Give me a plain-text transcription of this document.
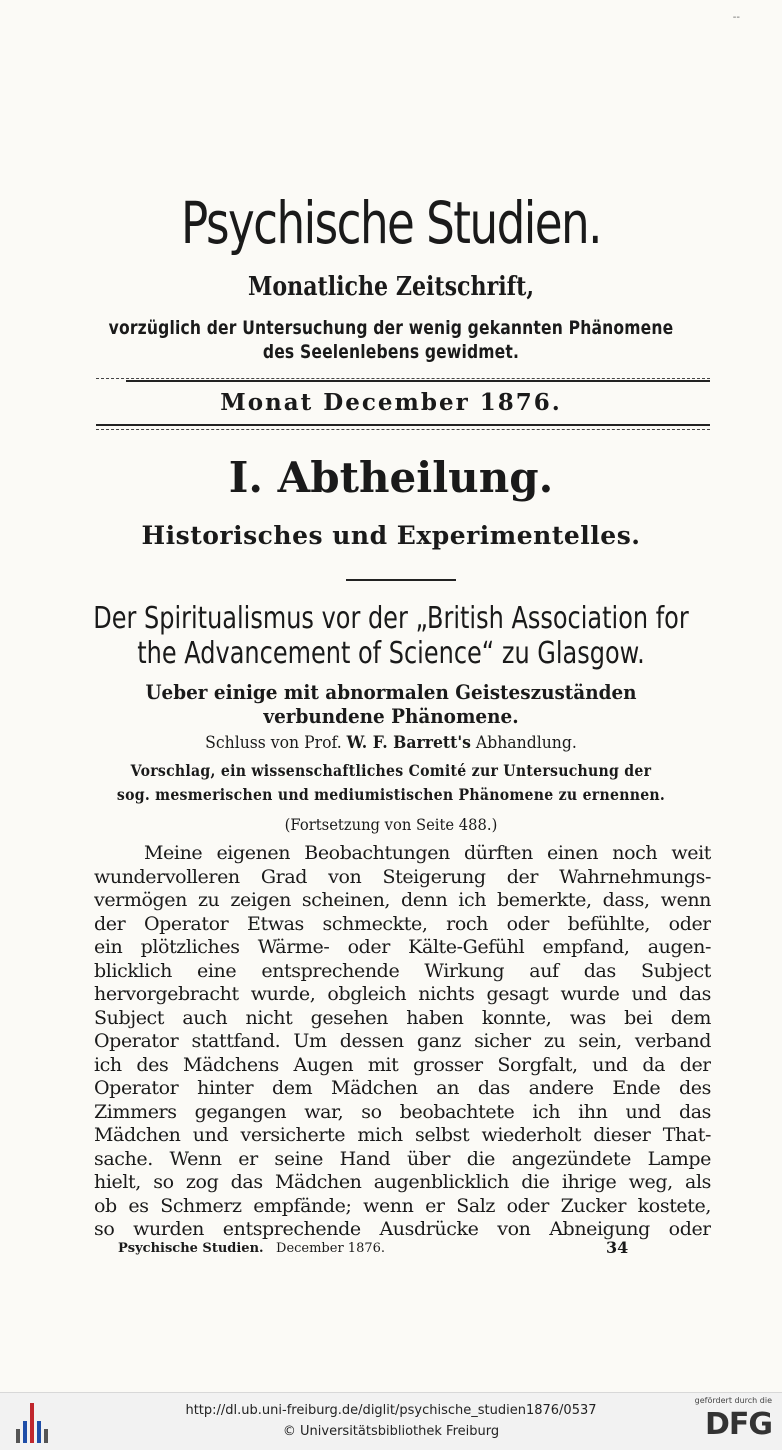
--
Psychische Studien.
Monatliche Zeitschrift,
vorzüglich der Untersuchung der wenig gekannten Phänomene
des Seelenlebens gewidmet.
Monat December 1876.
I. Abtheilung.
Historisches und Experimentelles.
Der Spiritualismus vor der „British Association for
the Advancement of Science“ zu Glasgow.
Ueber einige mit abnormalen Geisteszuständen
verbundene Phänomene.
Schluss von Prof. W. F. Barrett's Abhandlung.
Vorschlag, ein wissenschaftliches Comité zur Untersuchung der
sog. mesmerischen und mediumistischen Phänomene zu ernennen.
(Fortsetzung von Seite 488.)
Meine eigenen Beobachtungen dürften einen noch weit
wundervolleren Grad von Steigerung der Wahrnehmungs-
vermögen zu zeigen scheinen, denn ich bemerkte, dass, wenn
der Operator Etwas schmeckte, roch oder befühlte, oder
ein plötzliches Wärme- oder Kälte-Gefühl empfand, augen-
blicklich eine entsprechende Wirkung auf das Subject
hervorgebracht wurde, obgleich nichts gesagt wurde und das
Subject auch nicht gesehen haben konnte, was bei dem
Operator stattfand. Um dessen ganz sicher zu sein, verband
ich des Mädchens Augen mit grosser Sorgfalt, und da der
Operator hinter dem Mädchen an das andere Ende des
Zimmers gegangen war, so beobachtete ich ihn und das
Mädchen und versicherte mich selbst wiederholt dieser That-
sache. Wenn er seine Hand über die angezündete Lampe
hielt, so zog das Mädchen augenblicklich die ihrige weg, als
ob es Schmerz empfände; wenn er Salz oder Zucker kostete,
so wurden entsprechende Ausdrücke von Abneigung oder
Psychische Studien. December 1876.	34
http://dl.ub.uni-freiburg.de/diglit/psychische_studien1876/0537
© Universitätsbibliothek Freiburg
gefördert durch die
DFG
